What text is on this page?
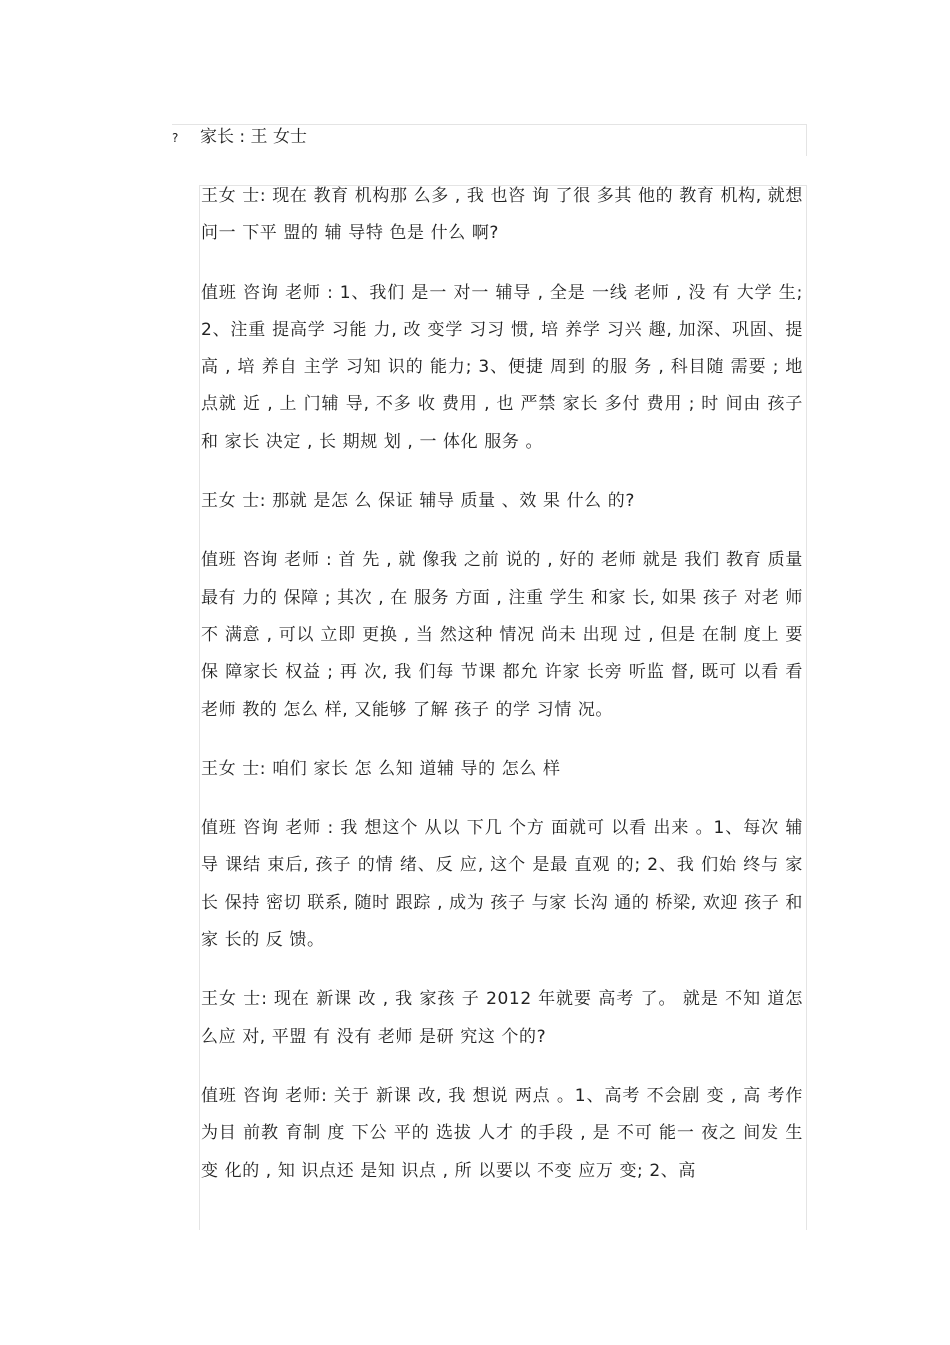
? 家长 : 王 女士

王女 士: 现在 教育 机构那 么多 , 我 也咨 询 了很 多其 他的 教育 机构, 就想 问一 下平 盟的 辅 导特 色是 什么 啊?

值班 咨询 老师 : 1、我们 是一 对一 辅导 , 全是 一线 老师 , 没 有 大学 生; 2、注重 提高学 习能 力, 改 变学 习习 惯, 培 养学 习兴 趣, 加深、巩固、提高 , 培 养自 主学 习知 识的 能力; 3、便捷 周到 的服 务 , 科目随 需要 ; 地 点就 近 , 上 门辅 导, 不多 收 费用 , 也 严禁 家长 多付 费用 ; 时 间由 孩子 和 家长 决定 , 长 期规 划 , 一 体化 服务 。

王女 士: 那就 是怎 么 保证 辅导 质量 、效 果 什么 的?

值班 咨询 老师 : 首 先 , 就 像我 之前 说的 , 好的 老师 就是 我们 教育 质量 最有 力的 保障 ; 其次 , 在 服务 方面 , 注重 学生 和家 长, 如果 孩子 对老 师不 满意 , 可以 立即 更换 , 当 然这种 情况 尚未 出现 过 , 但是 在制 度上 要保 障家长 权益 ; 再 次, 我 们每 节课 都允 许家 长旁 听监 督, 既可 以看 看 老师 教的 怎么 样, 又能够 了解 孩子 的学 习情 况。

王女 士: 咱们 家长 怎 么知 道辅 导的 怎么 样

值班 咨询 老师 : 我 想这个 从以 下几 个方 面就可 以看 出来 。1、每次 辅导 课结 束后, 孩子 的情 绪、反 应, 这个 是最 直观 的; 2、我 们始 终与 家长 保持 密切 联系, 随时 跟踪 , 成为 孩子 与家 长沟 通的 桥梁, 欢迎 孩子 和家 长的 反 馈。

王女 士: 现在 新课 改 , 我 家孩 子 2012 年就要 高考 了。 就是 不知 道怎 么应 对, 平盟 有 没有 老师 是研 究这 个的?

值班 咨询 老师: 关于 新课 改, 我 想说 两点 。1、高考 不会剧 变 , 高 考作 为目 前教 育制 度 下公 平的 选拔 人才 的手段 , 是 不可 能一 夜之 间发 生变 化的 , 知 识点还 是知 识点 , 所 以要以 不变 应万 变; 2、高
